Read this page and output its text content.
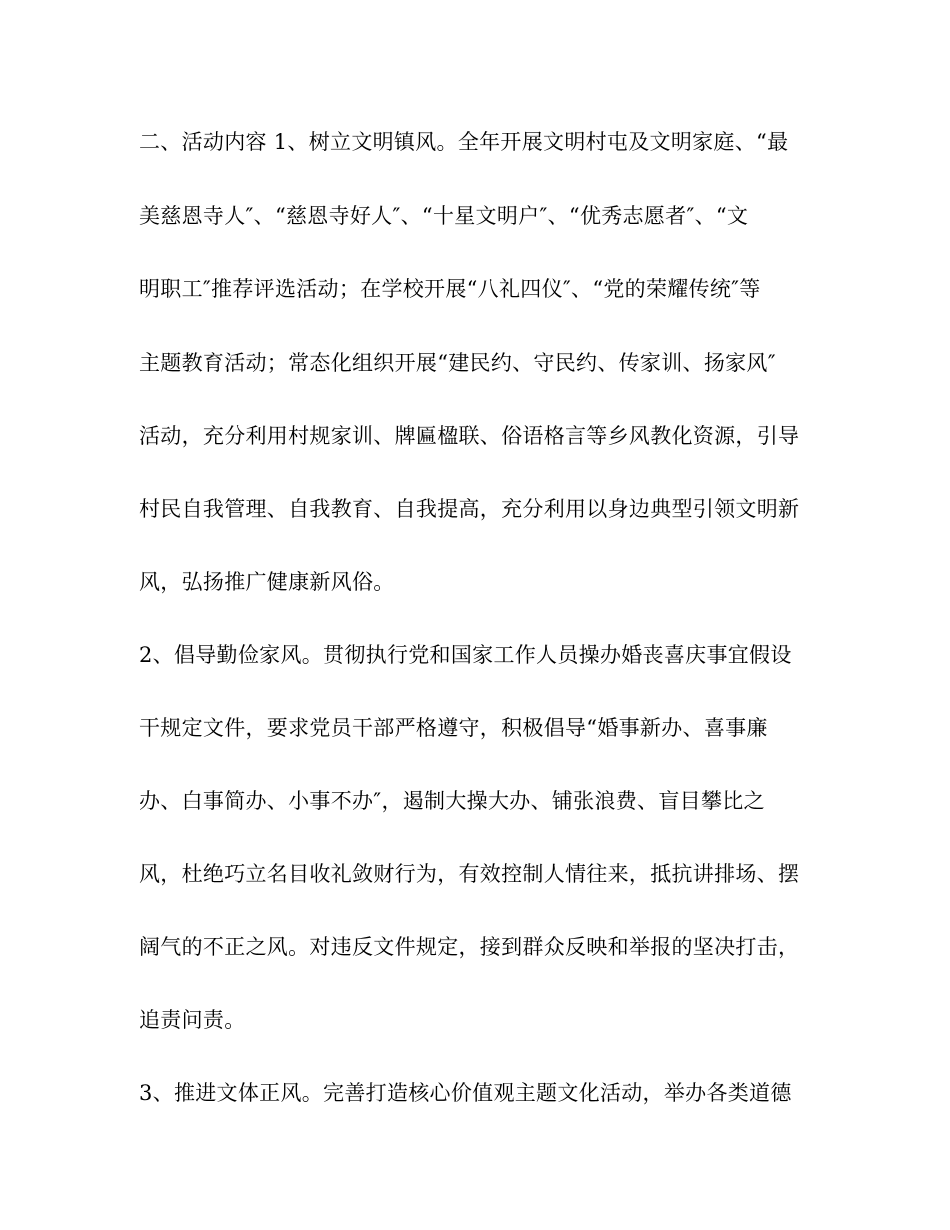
二、活动内容 1、树立文明镇风。全年开展文明村屯及文明家庭、“最
美慈恩寺人″、“慈恩寺好人″、“十星文明户″、“优秀志愿者″、“文
明职工″推荐评选活动；在学校开展“八礼四仪″、“党的荣耀传统″等
主题教育活动；常态化组织开展“建民约、守民约、传家训、扬家风″
活动，充分利用村规家训、牌匾楹联、俗语格言等乡风教化资源，引导
村民自我管理、自我教育、自我提高，充分利用以身边典型引领文明新
风，弘扬推广健康新风俗。
2、倡导勤俭家风。贯彻执行党和国家工作人员操办婚丧喜庆事宜假设
干规定文件，要求党员干部严格遵守，积极倡导“婚事新办、喜事廉
办、白事简办、小事不办″，遏制大操大办、铺张浪费、盲目攀比之
风，杜绝巧立名目收礼敛财行为，有效控制人情往来，抵抗讲排场、摆
阔气的不正之风。对违反文件规定，接到群众反映和举报的坚决打击，
追责问责。
3、推进文体正风。完善打造核心价值观主题文化活动，举办各类道德
